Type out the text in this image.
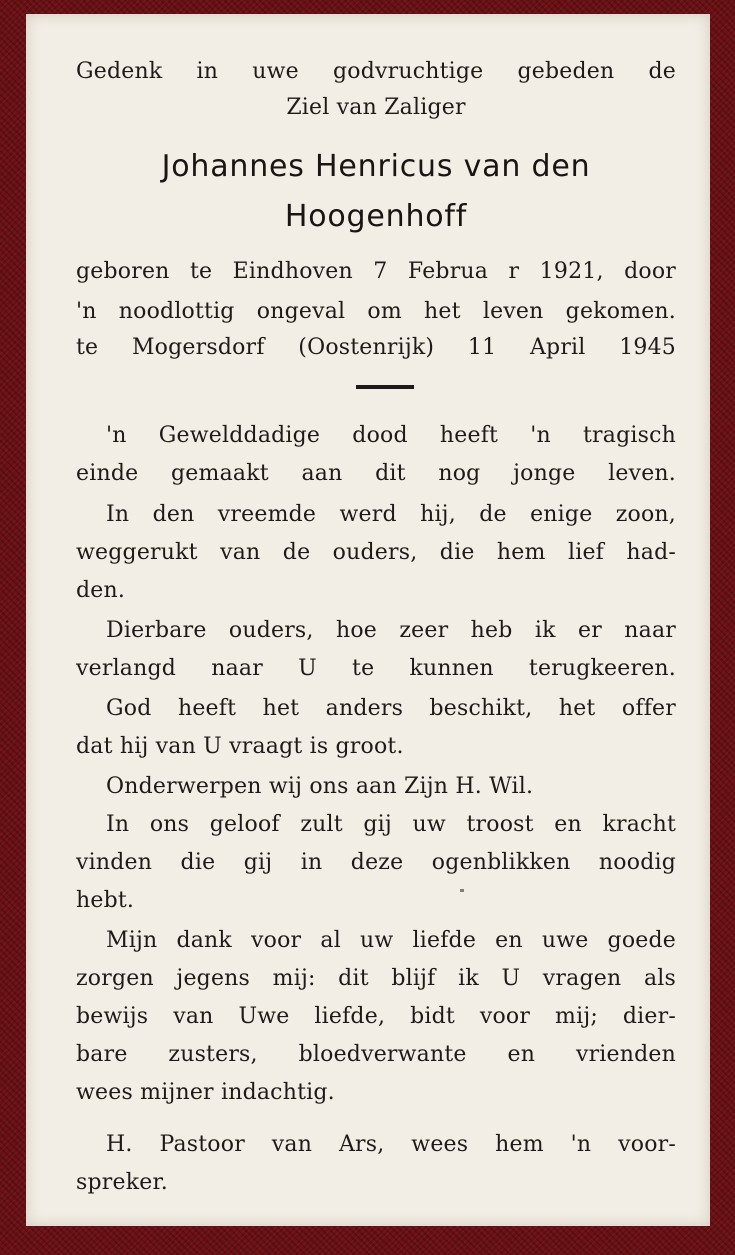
Gedenk in uwe godvruchtige gebeden de
Ziel van Zaliger
Johannes Henricus van den
Hoogenhoff
geboren te Eindhoven 7 Februa r 1921, door
'n noodlottig ongeval om het leven gekomen.
te Mogersdorf (Oostenrijk) 11 April 1945
'n Gewelddadige dood heeft 'n tragisch
einde gemaakt aan dit nog jonge leven.
In den vreemde werd hij, de enige zoon,
weggerukt van de ouders, die hem lief had-
den.
Dierbare ouders, hoe zeer heb ik er naar
verlangd naar U te kunnen terugkeeren.
God heeft het anders beschikt, het offer
dat hij van U vraagt is groot.
Onderwerpen wij ons aan Zijn H. Wil.
In ons geloof zult gij uw troost en kracht
vinden die gij in deze ogenblikken noodig
hebt.
Mijn dank voor al uw liefde en uwe goede
zorgen jegens mij: dit blijf ik U vragen als
bewijs van Uwe liefde, bidt voor mij; dier-
bare zusters, bloedverwante en vrienden
wees mijner indachtig.
H. Pastoor van Ars, wees hem 'n voor-
spreker.
